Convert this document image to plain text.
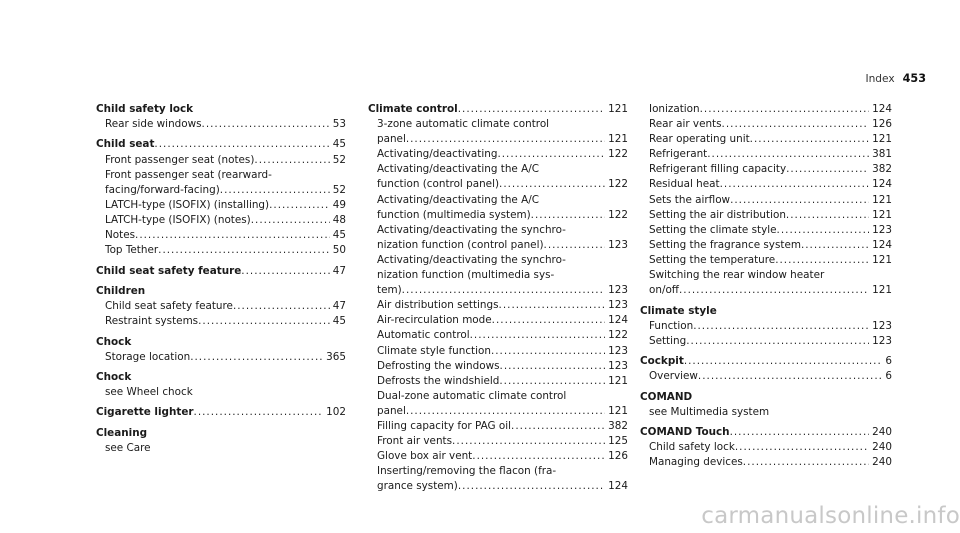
Index 453
Child safety lock
Rear side windows .....	53
Child seat .....	45
Front passenger seat (notes) .....	52
Front passenger seat (rearward-
facing/forward-facing) .....	52
LATCH-type (ISOFIX) (installing) .....	49
LATCH-type (ISOFIX) (notes) .....	48
Notes .....	45
Top Tether .....	50
Child seat safety feature .....	47
Children
Child seat safety feature .....	47
Restraint systems .....	45
Chock
Storage location .....	365
Chock
see Wheel chock
Cigarette lighter .....	102
Cleaning
see Care
Climate control .....	121
3-zone automatic climate control
panel .....	121
Activating/deactivating .....	122
Activating/deactivating the A/C
function (control panel) .....	122
Activating/deactivating the A/C
function (multimedia system) .....	122
Activating/deactivating the synchro-
nization function (control panel) .....	123
Activating/deactivating the synchro-
nization function (multimedia sys-
tem) .....	123
Air distribution settings .....	123
Air-recirculation mode .....	124
Automatic control .....	122
Climate style function .....	123
Defrosting the windows .....	123
Defrosts the windshield .....	121
Dual-zone automatic climate control
panel .....	121
Filling capacity for PAG oil .....	382
Front air vents .....	125
Glove box air vent .....	126
Inserting/removing the flacon (fra-
grance system) .....	124
Ionization .....	124
Rear air vents .....	126
Rear operating unit .....	121
Refrigerant .....	381
Refrigerant filling capacity .....	382
Residual heat .....	124
Sets the airflow .....	121
Setting the air distribution .....	121
Setting the climate style .....	123
Setting the fragrance system .....	124
Setting the temperature .....	121
Switching the rear window heater
on/off .....	121
Climate style
Function .....	123
Setting .....	123
Cockpit .....	6
Overview .....	6
COMAND
see Multimedia system
COMAND Touch .....	240
Child safety lock .....	240
Managing devices .....	240
carmanualsonline.info
